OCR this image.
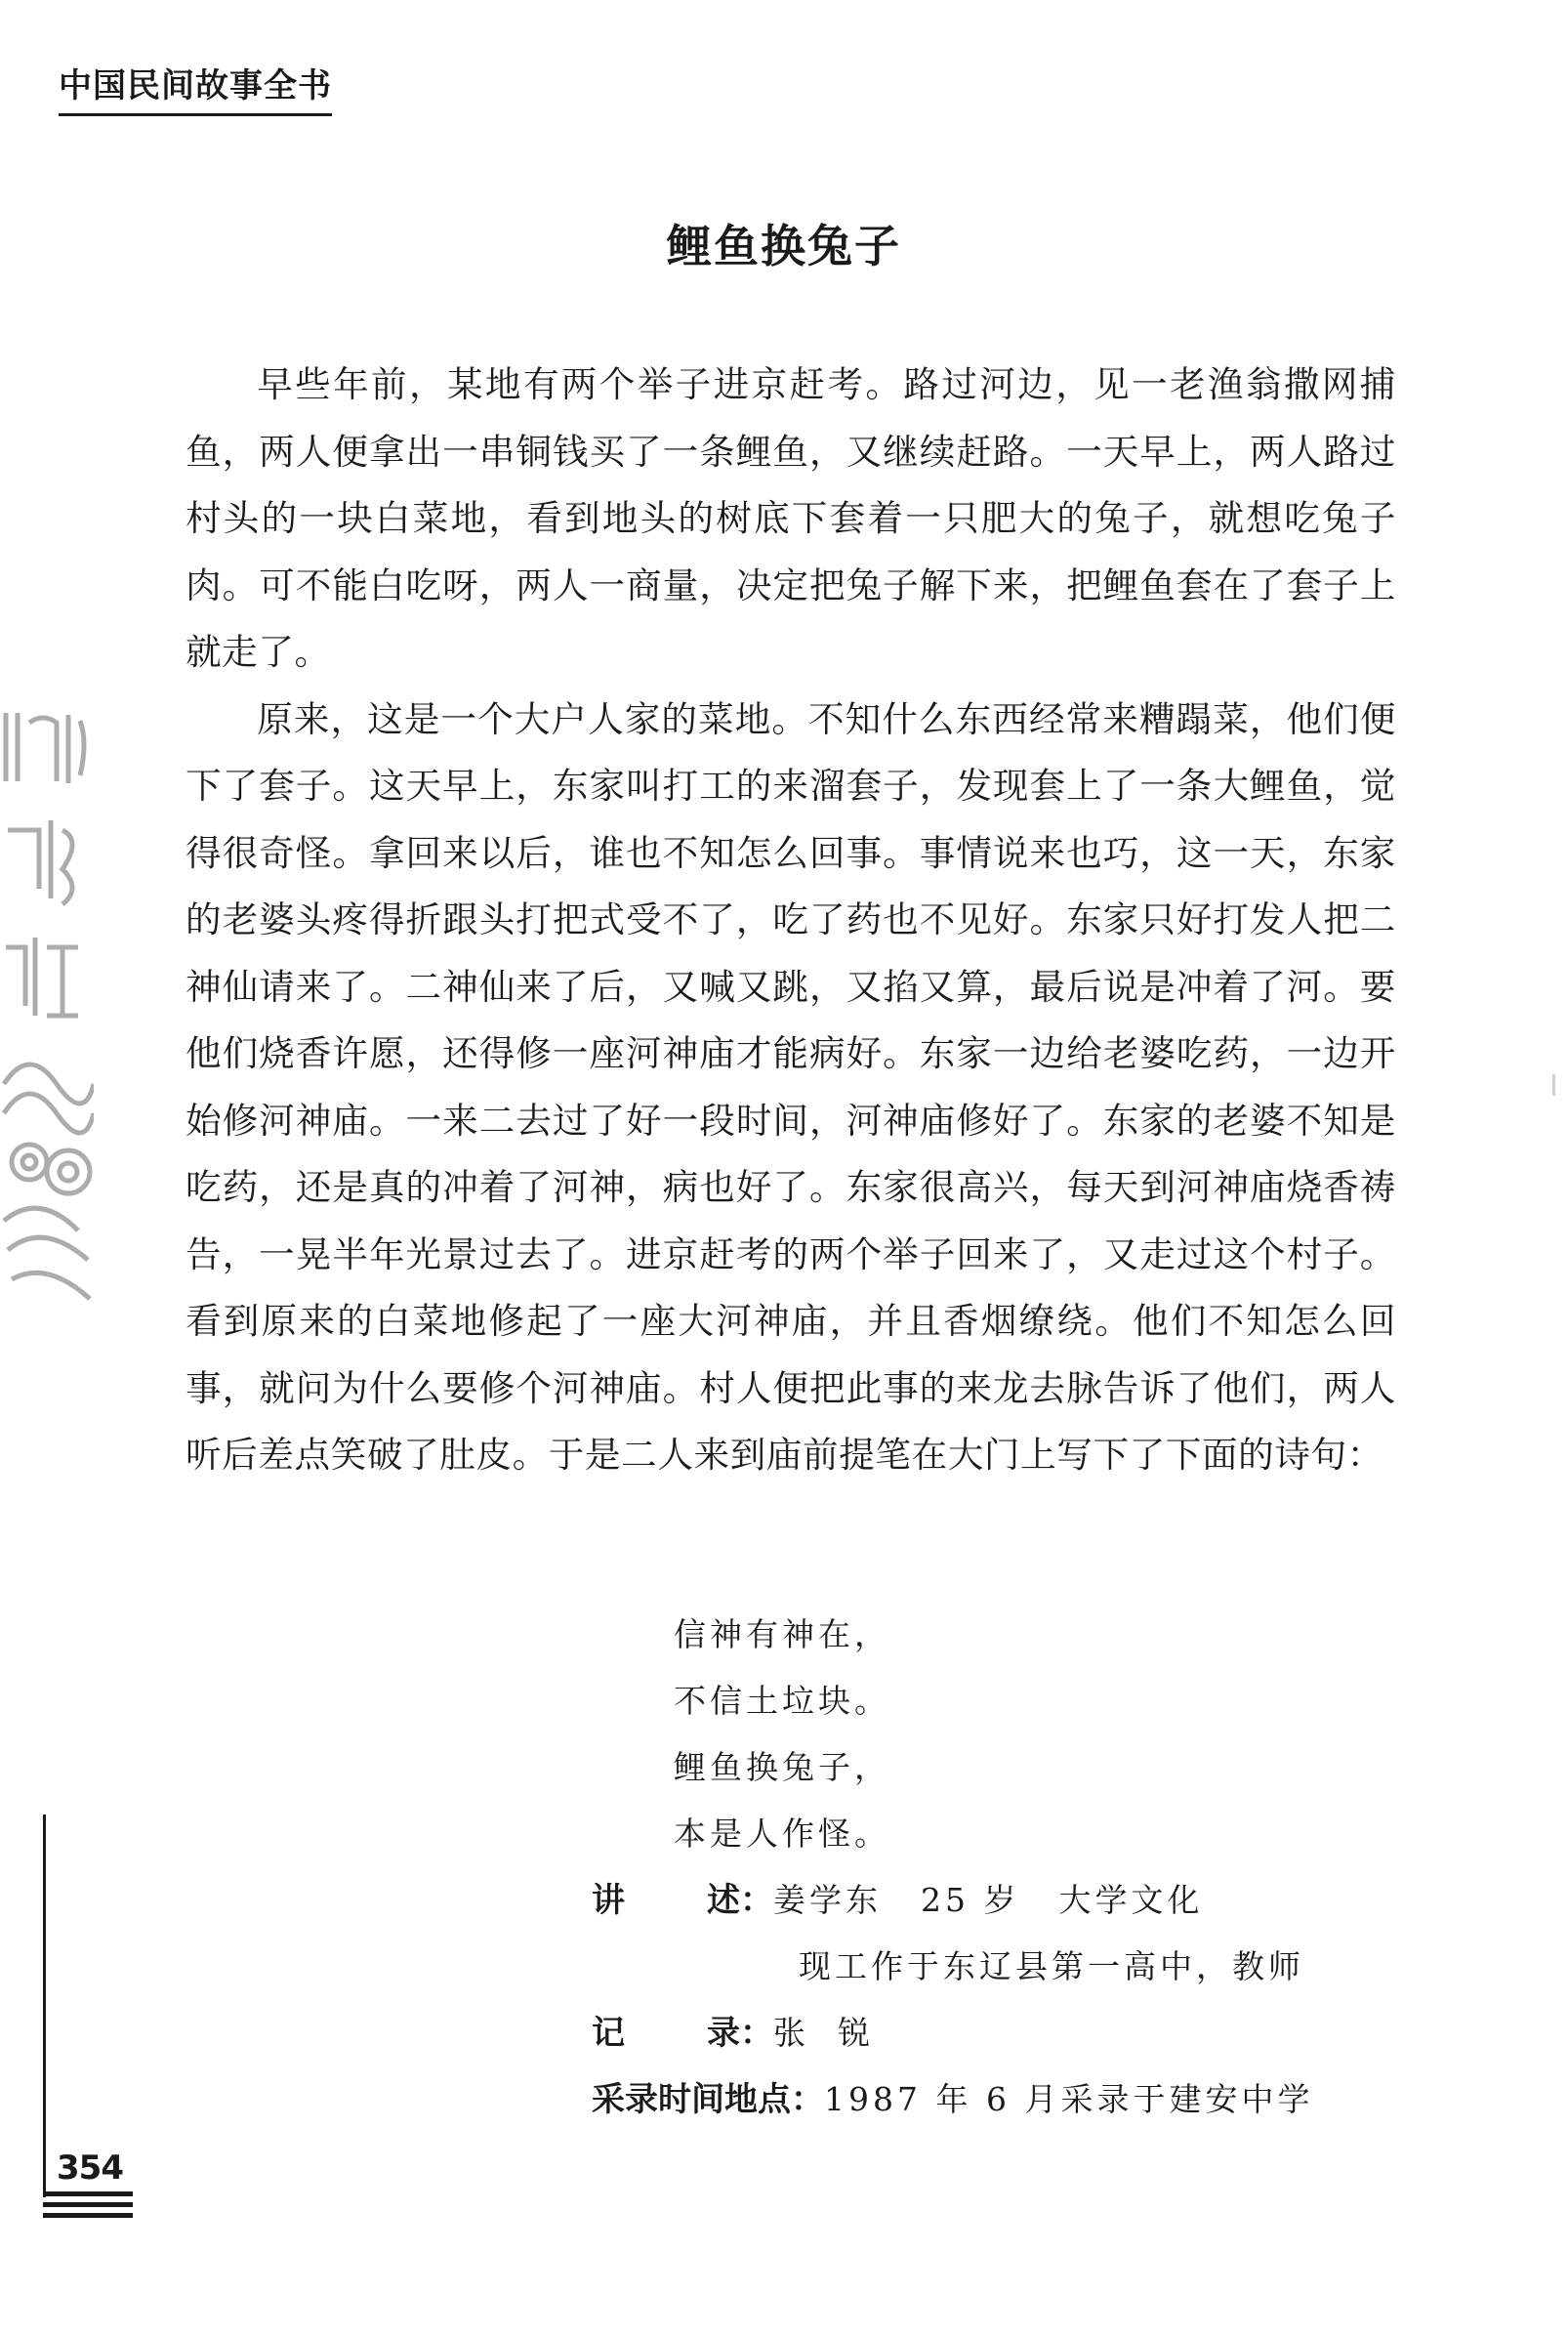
中国民间故事全书
鲤鱼换兔子

早些年前，某地有两个举子进京赶考。路过河边，见一老渔翁撒网捕鱼，两人便拿出一串铜钱买了一条鲤鱼，又继续赶路。一天早上，两人路过村头的一块白菜地，看到地头的树底下套着一只肥大的兔子，就想吃兔子肉。可不能白吃呀，两人一商量，决定把兔子解下来，把鲤鱼套在了套子上就走了。

原来，这是一个大户人家的菜地。不知什么东西经常来糟蹋菜，他们便下了套子。这天早上，东家叫打工的来溜套子，发现套上了一条大鲤鱼，觉得很奇怪。拿回来以后，谁也不知怎么回事。事情说来也巧，这一天，东家的老婆头疼得折跟头打把式受不了，吃了药也不见好。东家只好打发人把二神仙请来了。二神仙来了后，又喊又跳，又掐又算，最后说是冲着了河。要他们烧香许愿，还得修一座河神庙才能病好。东家一边给老婆吃药，一边开始修河神庙。一来二去过了好一段时间，河神庙修好了。东家的老婆不知是吃药，还是真的冲着了河神，病也好了。东家很高兴，每天到河神庙烧香祷告，一晃半年光景过去了。进京赶考的两个举子回来了，又走过这个村子。看到原来的白菜地修起了一座大河神庙，并且香烟缭绕。他们不知怎么回事，就问为什么要修个河神庙。村人便把此事的来龙去脉告诉了他们，两人听后差点笑破了肚皮。于是二人来到庙前提笔在大门上写下了下面的诗句：

信神有神在，
不信土垃块。
鲤鱼换兔子，
本是人作怪。
讲 述： 姜学东 25 岁 大学文化
现工作于东辽县第一高中，教师
记 录： 张  锐
采录时间地点： 1987 年 6 月采录于建安中学
354
